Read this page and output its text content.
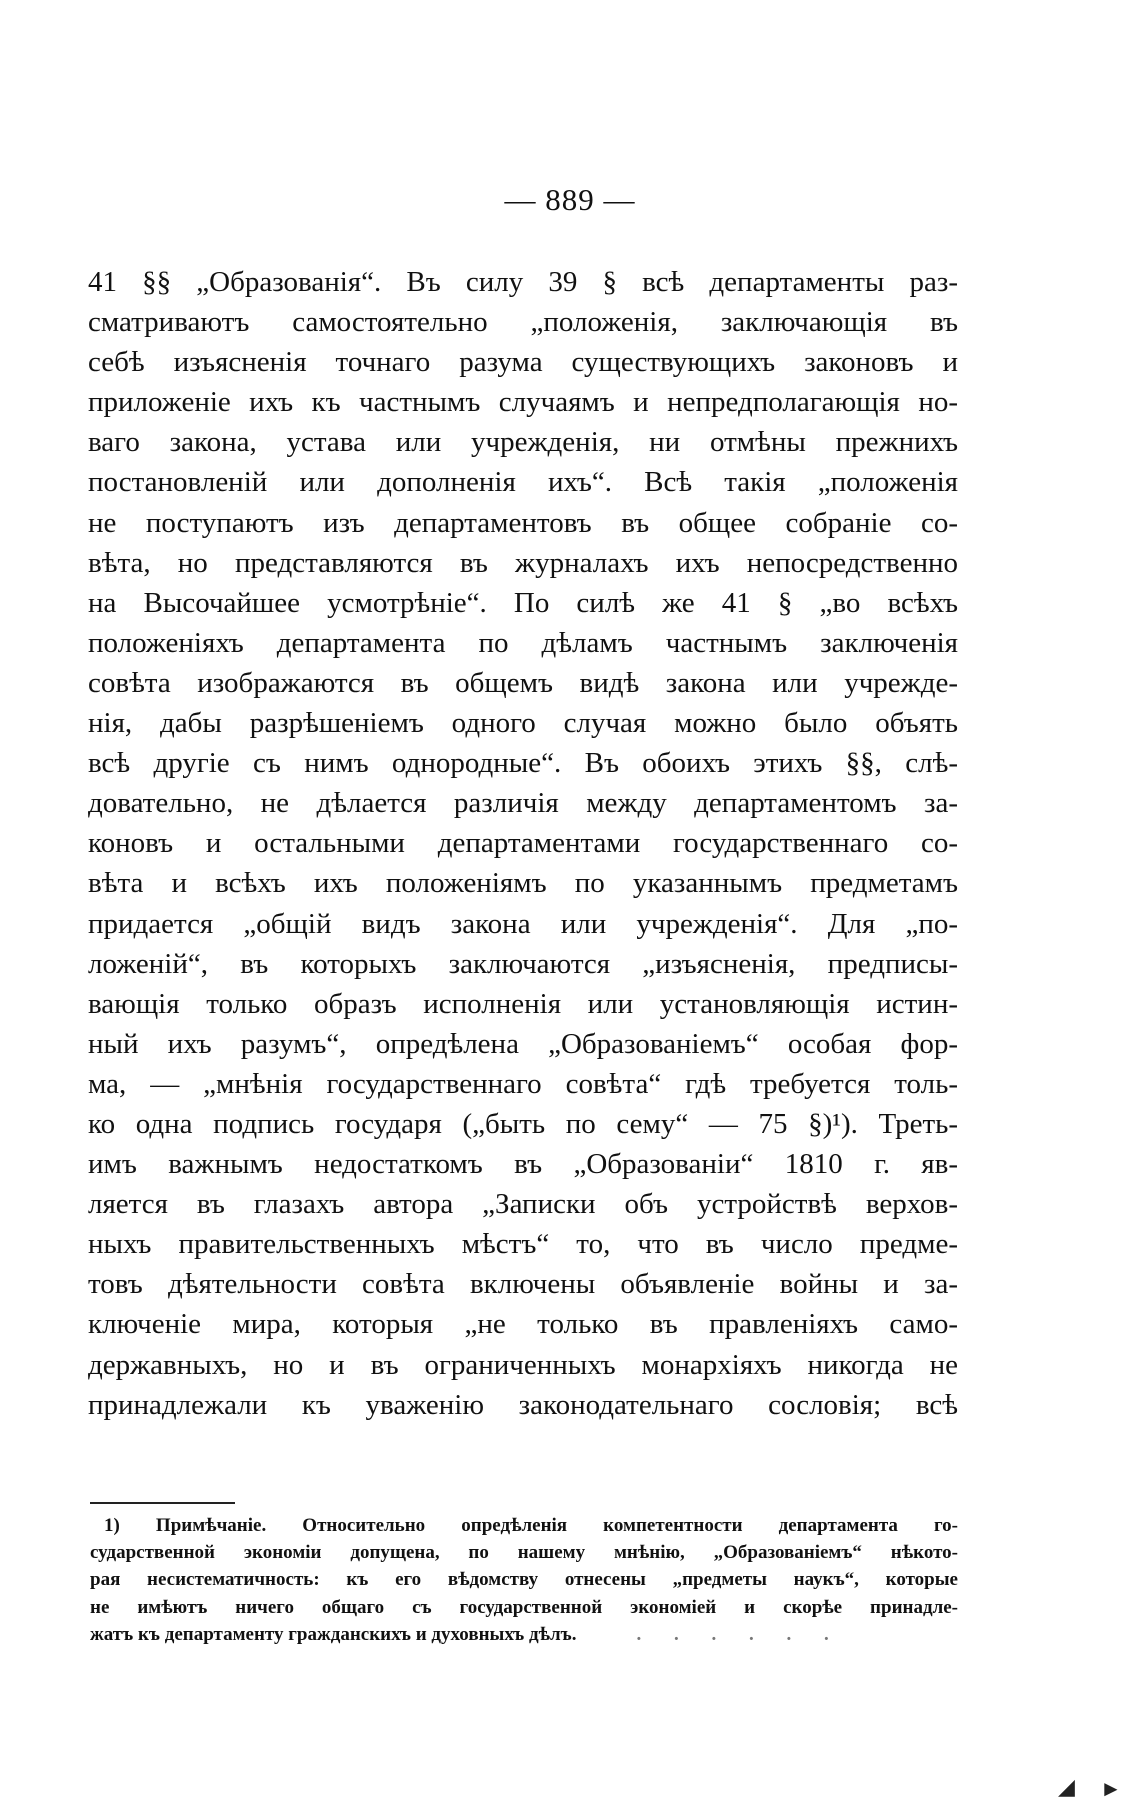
— 889 —
41 §§ „Образованія“. Въ силу 39 § всѣ департаменты раз-
сматриваютъ самостоятельно „положенія, заключающія въ
себѣ изъясненія точнаго разума существующихъ законовъ и
приложеніе ихъ къ частнымъ случаямъ и непредполагающія но-
ваго закона, устава или учрежденія, ни отмѣны прежнихъ
постановленій или дополненія ихъ“. Всѣ такія „положенія
не поступаютъ изъ департаментовъ въ общее собраніе со-
вѣта, но представляются въ журналахъ ихъ непосредственно
на Высочайшее усмотрѣніе“. По силѣ же 41 § „во всѣхъ
положеніяхъ департамента по дѣламъ частнымъ заключенія
совѣта изображаются въ общемъ видѣ закона или учрежде-
нія, дабы разрѣшеніемъ одного случая можно было объять
всѣ другіе съ нимъ однородные“. Въ обоихъ этихъ §§, слѣ-
довательно, не дѣлается различія между департаментомъ за-
коновъ и остальными департаментами государственнаго со-
вѣта и всѣхъ ихъ положеніямъ по указаннымъ предметамъ
придается „общій видъ закона или учрежденія“. Для „по-
ложеній“, въ которыхъ заключаются „изъясненія, предписы-
вающія только образъ исполненія или установляющія истин-
ный ихъ разумъ“, опредѣлена „Образованіемъ“ особая фор-
ма, — „мнѣнія государственнаго совѣта“ гдѣ требуется толь-
ко одна подпись государя („быть по сему“ — 75 §)¹). Треть-
имъ важнымъ недостаткомъ въ „Образованіи“ 1810 г. яв-
ляется въ глазахъ автора „Записки объ устройствѣ верхов-
ныхъ правительственныхъ мѣстъ“ то, что въ число предме-
товъ дѣятельности совѣта включены объявленіе войны и за-
ключеніе мира, которыя „не только въ правленіяхъ само-
державныхъ, но и въ ограниченныхъ монархіяхъ никогда не
принадлежали къ уваженію законодательнаго сословія; всѣ
1) Примѣчаніе. Относительно опредѣленія компетентности департамента го-
сударственной экономіи допущена, по нашему мнѣнію, „Образованіемъ“ нѣкото-
рая несистематичность: къ его вѣдомству отнесены „предметы наукъ“, которые
не имѣютъ ничего общаго съ государственной экономіей и скорѣе принадле-
жатъ къ департаменту гражданскихъ и духовныхъ дѣлъ.	. . . . . .
◢ ►
